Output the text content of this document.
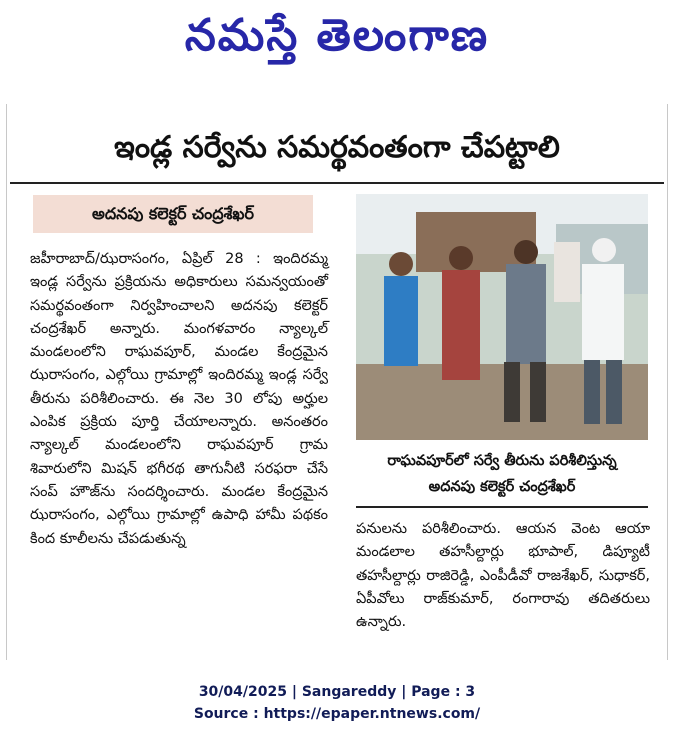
నమస్తే తెలంగాణ
ఇండ్ల సర్వేను సమర్థవంతంగా చేపట్టాలి
అదనపు కలెక్టర్ చంద్రశేఖర్

జహీరాబాద్/ఝరాసంగం, ఏప్రిల్ 28 : ఇందిరమ్మ ఇండ్ల సర్వేను ప్రక్రియను అధికారులు సమన్వయంతో సమర్థవంతంగా నిర్వహించాలని అదనపు కలెక్టర్ చంద్రశేఖర్ అన్నారు. మంగళవారం న్యాల్కల్ మండలంలోని రాఘవపూర్, మండల కేంద్రమైన ఝరాసంగం, ఎల్గోయి గ్రామాల్లో ఇందిరమ్మ ఇండ్ల సర్వే తీరును పరిశీలించారు. ఈ నెల 30 లోపు అర్హుల ఎంపిక ప్రక్రియ పూర్తి చేయాలన్నారు. అనంతరం న్యాల్కల్ మండలంలోని రాఘవపూర్ గ్రామ శివారులోని మిషన్ భగీరథ తాగునీటి సరఫరా చేసే సంప్ హౌజ్‌ను సందర్శించారు. మండల కేంద్రమైన ఝరాసంగం, ఎల్గోయి గ్రామాల్లో ఉపాధి హామీ పథకం కింద కూలీలను చేపడుతున్న

రాఘవపూర్‌లో సర్వే తీరును పరిశీలిస్తున్న
అదనపు కలెక్టర్ చంద్రశేఖర్

పనులను పరిశీలించారు. ఆయన వెంట ఆయా మండలాల తహసీల్దార్లు భూపాల్, డిప్యూటీ తహసీల్దార్లు రాజిరెడ్డి, ఎంపీడీవో రాజశేఖర్, సుధాకర్, ఏపీవోలు రాజ్‌కుమార్, రంగారావు తదితరులు ఉన్నారు.

30/04/2025 | Sangareddy | Page : 3
Source : https://epaper.ntnews.com/
